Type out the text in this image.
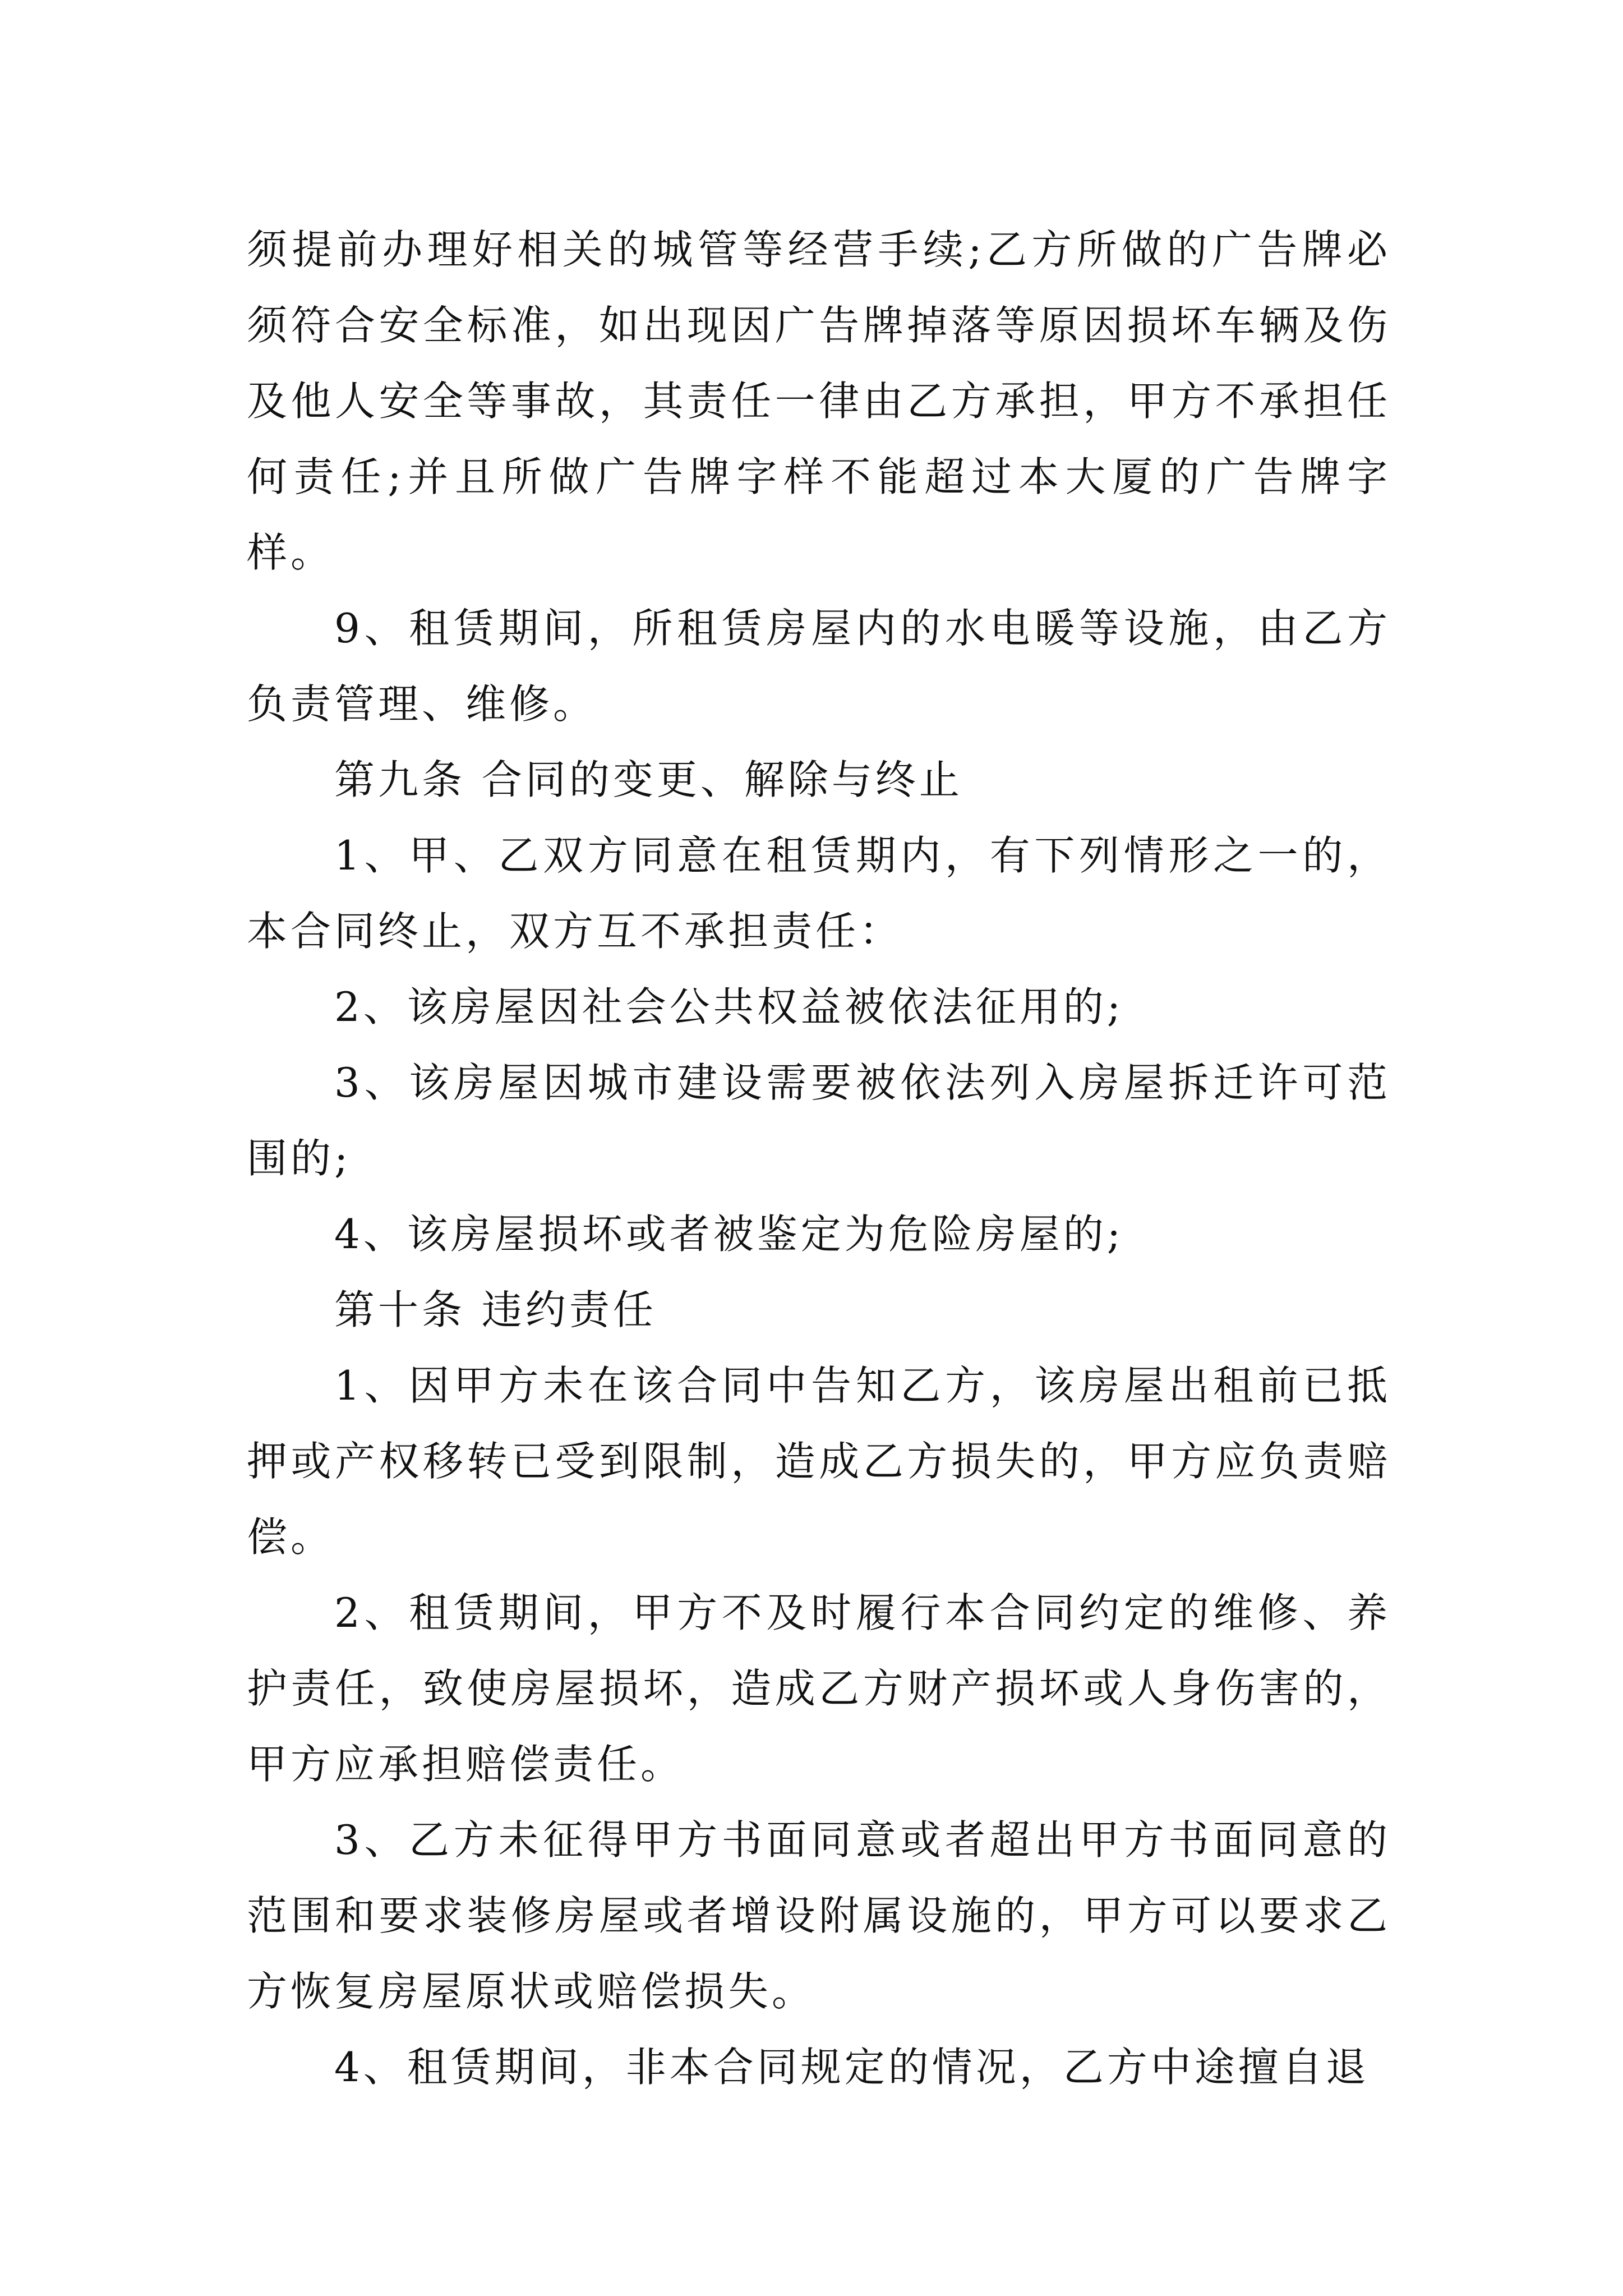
须提前办理好相关的城管等经营手续;乙方所做的广告牌必须符合安全标准，如出现因广告牌掉落等原因损坏车辆及伤及他人安全等事故，其责任一律由乙方承担，甲方不承担任何责任;并且所做广告牌字样不能超过本大厦的广告牌字样。

9、租赁期间，所租赁房屋内的水电暖等设施，由乙方负责管理、维修。

第九条 合同的变更、解除与终止

1、甲、乙双方同意在租赁期内，有下列情形之一的，本合同终止，双方互不承担责任：

2、该房屋因社会公共权益被依法征用的;

3、该房屋因城市建设需要被依法列入房屋拆迁许可范围的;

4、该房屋损坏或者被鉴定为危险房屋的;

第十条 违约责任

1、因甲方未在该合同中告知乙方，该房屋出租前已抵押或产权移转已受到限制，造成乙方损失的，甲方应负责赔偿。

2、租赁期间，甲方不及时履行本合同约定的维修、养护责任，致使房屋损坏，造成乙方财产损坏或人身伤害的，甲方应承担赔偿责任。

3、乙方未征得甲方书面同意或者超出甲方书面同意的范围和要求装修房屋或者增设附属设施的，甲方可以要求乙方恢复房屋原状或赔偿损失。

4、租赁期间，非本合同规定的情况，乙方中途擅自退
